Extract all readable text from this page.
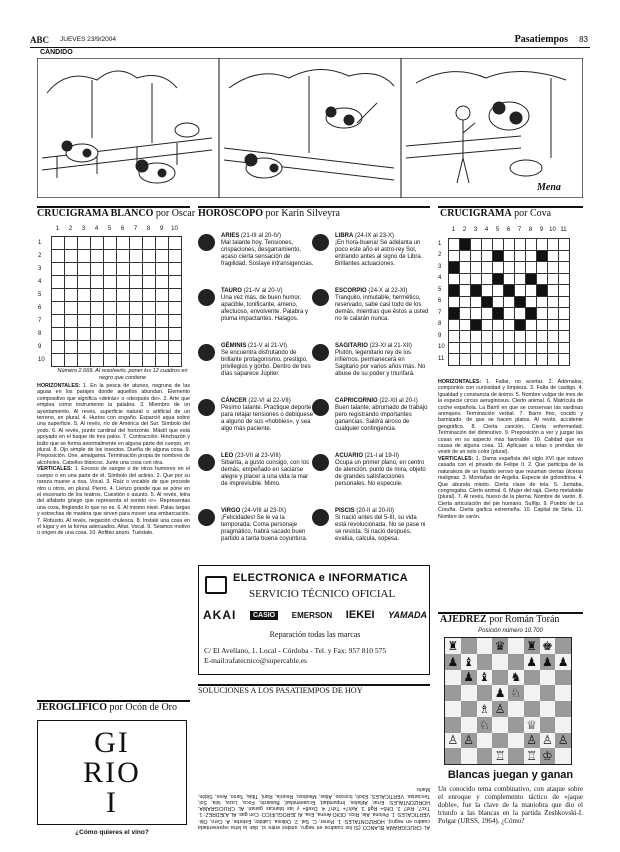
ABC JUEVES 23/9/2004	Pasatiempos 83
CÁNDIDO
Mena
CRUCIGRAMA BLANCO por Óscar
1	2	3	4	5	6	7	8	9	10
1
2
3
4
5
6
7
8
9
10
Número 2.669. Al resolverlo, poner los 12 cuadros en negro que contiene
HORIZONTALES: 1. En la pesca de atunes, negruna de las aguas en los parajes donde aquellos abundan. Elemento compositivo que significa «detrás» o «después de». 2. Arte que emplea como instrumento la palabra. 3. Miembro de un ayuntamiento. Al revés, superficie natural o artificial de un terreno, en plural. 4. Hurtos con engaño. Esparció aqua sobre una superficie. 5. Al revés, río de América del Sur. Símbolo del yodo. 6. Al revés, punto cardinal del horizonte. Mástil que está apoyado en el buque de tres palos. 7. Contracción. Hinchazón y bulto que se forma anormalmente en alguna parte del cuerpo, en plural. 8. Ojo simple de los insectos. Dueña de alguna cosa. 9. Preposición. Une, amalgama. Terminación propia de nombres de alcoholes. Cabellos blancos. Junte una cosa con otra.
VERTICALES: 1. Exceso de sangre o de otros humores en el cuerpo o en una parte de él. Símbolo del actinio. 2. Que por su rareza mueve a risa. Vocal. 3. Raíz o vocablo de que procede otro u otros, en plural. Pierro. 4. Lienzo grande que se pone en el escenario de los teatros. Cuestión o asunto. 5. Al revés, letra del alfabeto griego que representa el sonido «r». Representas una cosa, fingiendo lo que no es. 6. Al mismo nivel. Palas largas y estrechas de madera que sirven para mover una embarcación. 7. Robusto. Al revés, negación chulesca. 8. Instalé una cosa en el lugar y en la forma adecuados. Altar. Vocal. 9. Seamos motivo u origen de una cosa. 10. Anfibio anuro. Tuéstale.
JEROGLÍFICO por Ocón de Oro
GI
RIO
I
¿Cómo quieres el vino?
HORÓSCOPO por Karin Silveyra
ARIES (21-III al 20-IV)
Mal talante hoy. Tensiones, crispaciones, desgarramiento, acaso cierta sensación de fragilidad. Soslaye intransigencias.
TAURO (21-IV al 20-V)
Una vez más, de buen humor, apacible, tonificante, ameno, afectuoso, envolvente. Palabra y pluma impactantes. Halagos.
GÉMINIS (21-V al 21-VI)
Se encuentra disfrutando de brillante protagonismo, prestigio, privilegios y gorbo. Dentro de tres días saparece Júpiter.
CÁNCER (22-VI al 22-VII)
Pésimo talante. Practique deporte para relajar tensiones o deblquese a alguno de sus «hobbies», y sea algo más paciente.
LEO (23-VII al 23-VIII)
Sibarita, a gusto consigo, con los demás, empeñado en saciarse alegre y placer a una vida la mar de imprevisible. Mimo.
VIRGO (24-VIII al 23-IX)
¡Felicidades! Se le va la temporada. Coma personaje pragmático, habrá sacado buen partido a tanta buena coyuntura.
LIBRA (24-IX al 23-X)
¡En hora-buena! Se adelanta un poco este año el astro-rey Sol, entrando antes al signo de Libra. Brillantes actuaciones.
ESCORPIO (24-X al 22-XI)
Tranquilo, inmutable, hermético, reservado, sabe casi todo de los demás, mientras que éstos a usted no le calarán nunca.
SAGITARIO (23-XI al 21-XII)
Plutón, legendario rey de los infiernos, permanecerá en Sagitario por varios años más. No abuse de su poder y triunfará.
CAPRICORNIO (22-XII al 20-I)
Buen talante, abrumado de trabajo pero registrando importantes ganancias. Saldrá airoso de cualquier contingencia.
ACUARIO (21-I al 19-II)
Ocupa un primer plano, en centro de atención, punto de mira, objeto de grandes satisfacciones personales. No especule.
PISCIS (20-II al 20-III)
Si nació antes del 5-III, su vida está revolucionada. No se pase ni se resista. Si nació después, evalúa, calcula, sopesa.
ELECTRONICA e INFORMATICA
SERVICIO TÉCNICO OFICIAL
AKAI	CASIO	EMERSON IEKEI YAMADA
Reparación todas las marcas
C/ El Avellano, 1. Local - Córdoba - Tel. y Fax: 957 810 575
E-mail:rafatecnico@supercable.es
SOLUCIONES A LOS PASATIEMPOS DE HOY
AL CRUCIGRAMA BLANCO (Si los cuadros en negro, unidos entre sí, dan la letra representada cuadro en negro). HORIZONTALES: 1. Poner, C. Sal. 2. Odiosa. Latidor, Estorbe, A. Cero, Olé. VERTICALES: 1. Pelona. Ale, Rico. ODIO Arena, Esa. Al JEROGLÍFICO: Con gas. AL AJEDREZ: 1. Txc7, Rxf7 2. Dh5+ Rg8 3. Axh7+ Txh7 4. Dxe8+ y las blancas ganan. AL CRUCIGRAMA: HORIZONTALES: Errar, Atílalos, Impunidad, Ecuanimidad, Busardo, Foca, Loza, Isla, Sol, Terciarias. VERTICALES: Éboli, Icoroso, Atlas, Miedoso, Reunía, Rani, Tibia, Tarso, Ares, Sidón, Mario.
CRUCIGRAMA por Cova
1	2	3	4	5	6	7	8	9 10 11
1
2
3
4
5
6
7
8
9
10
11
HORIZONTALES: 1. Fallar, no acertar. 2. Adórnalos, componlos con curiosidad y limpieza. 3. Falta de castigo. 4. Igualdad y constancia de ánimo. 5. Nombre vulgar de mes de la especie circus aeruginosus. Cierto animal. 6. Matrícula de coche española. La Barril en que se conservan las sardinas arenques. Terminación verbal. 7. Barro fino, cocido y barnizado, de que se hacen platos. Al revés, accidente geográfico. 8. Cierta canción. Cierta enfermedad. Terminación del diminutivo. 9. Preposición a ver y juzgar las cosas en su aspecto más favorable. 10. Calidad que es causa de alguna cosa. 11. Aplícase a telas o prendas de vestir de un solo color (plural).
VERTICALES: 1. Dama española del siglo XVI que estuvo casada con el privado de Felipe II. 2. Que participa de la naturaleza de un líquido seroso que rezuman ciertas úlceras malignas. 3. Montañas de Argelia. Especie de golondrina. 4. Que abunda miedo. Cierta clase de tela. 5. Juntaba, congregaba. Cierto animal. 6. Mujer del rajá. Cierto metaloide (plural). 7. Al revés, hueso de la pierna. Nombre de varón. 8. Cierta articulación del pie humano. Suífijo. 9. Pueblo de La Coruña. Cierta garlica extremeña. 10. Capital de Siria. 11. Nombre de varón.
AJEDREZ por Román Torán
Posición número 10.700
♜	♛ ♜ ♚
♟ ♝	♟ ♟ ♟
♟ ♝ ♞
♟ ♘
♗ ♙
♘	♕
♙ ♙	♙ ♙ ♙
♖ ♖ ♔
Blancas juegan y ganan
Un conocido tema combinativo, con ataque sobre el enroque y complemento táctico de «jaque doble», fue la clave de la maniobra que dio el triunfo a las blancas en la partida Zeshkovski-I. Polgar (URSS, 1964). ¿Cómo?
